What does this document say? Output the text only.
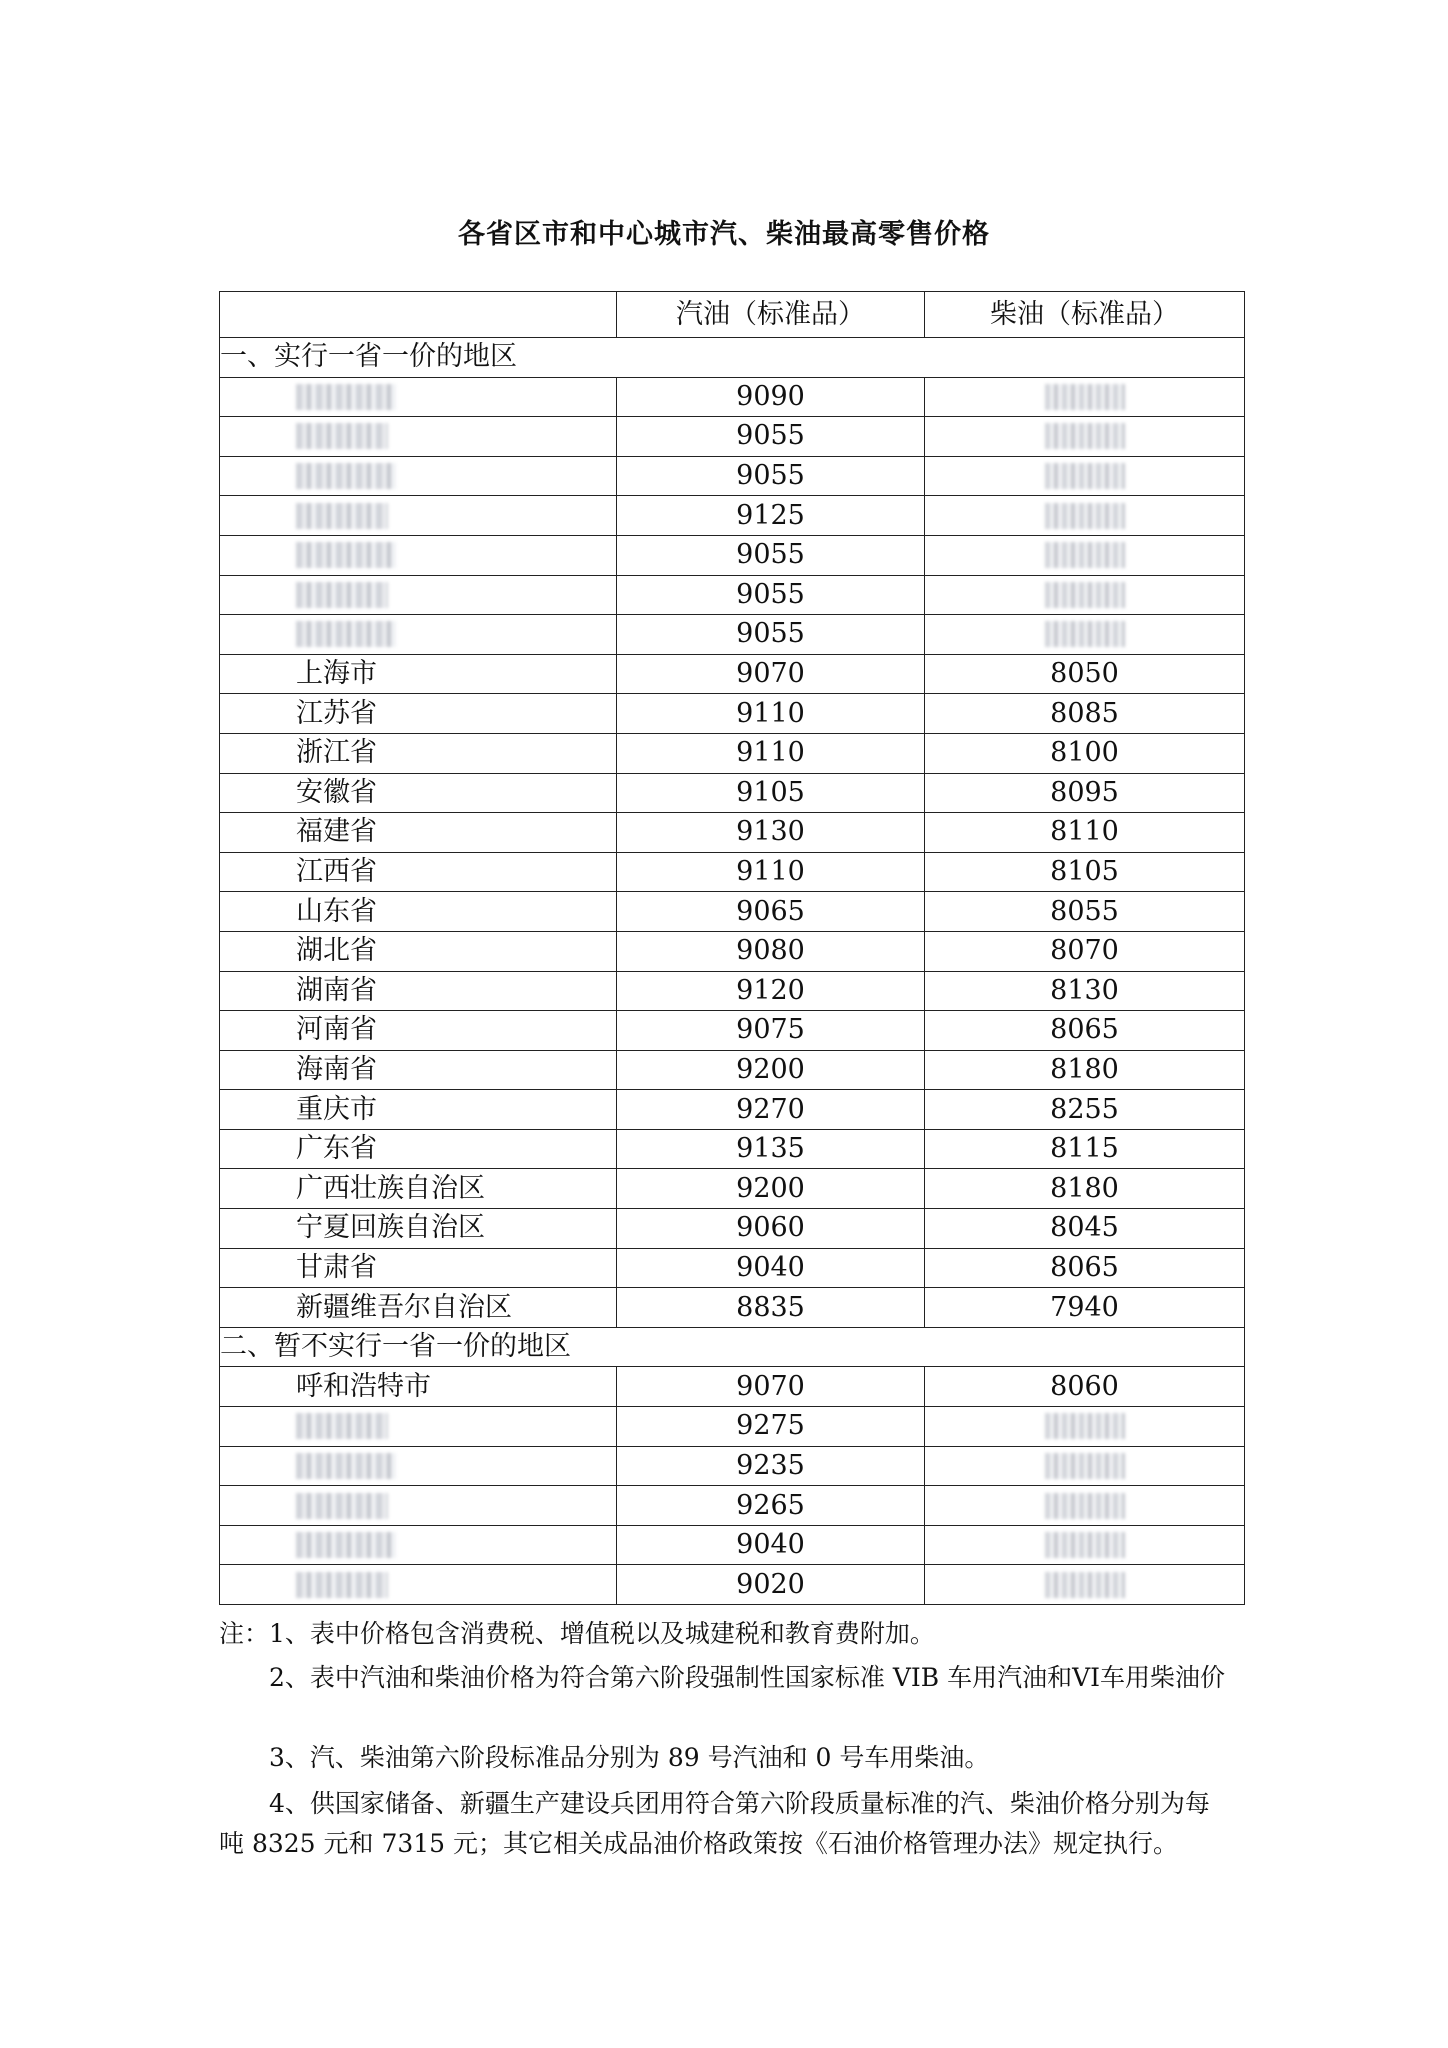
各省区市和中心城市汽、柴油最高零售价格
	汽油（标准品）	柴油（标准品）
一、实行一省一价的地区		
	9090	
	9055	
	9055	
	9125	
	9055	
	9055	
	9055	
上海市	9070	8050
江苏省	9110	8085
浙江省	9110	8100
安徽省	9105	8095
福建省	9130	8110
江西省	9110	8105
山东省	9065	8055
湖北省	9080	8070
湖南省	9120	8130
河南省	9075	8065
海南省	9200	8180
重庆市	9270	8255
广东省	9135	8115
广西壮族自治区	9200	8180
宁夏回族自治区	9060	8045
甘肃省	9040	8065
新疆维吾尔自治区	8835	7940
二、暂不实行一省一价的地区		
呼和浩特市	9070	8060
	9275	
	9235	
	9265	
	9040	
	9020	
注：1、表中价格包含消费税、增值税以及城建税和教育费附加。
2、表中汽油和柴油价格为符合第六阶段强制性国家标准 VIB 车用汽油和VI车用柴油价
3、汽、柴油第六阶段标准品分别为 89 号汽油和 0 号车用柴油。
4、供国家储备、新疆生产建设兵团用符合第六阶段质量标准的汽、柴油价格分别为每
吨 8325 元和 7315 元；其它相关成品油价格政策按《石油价格管理办法》规定执行。
